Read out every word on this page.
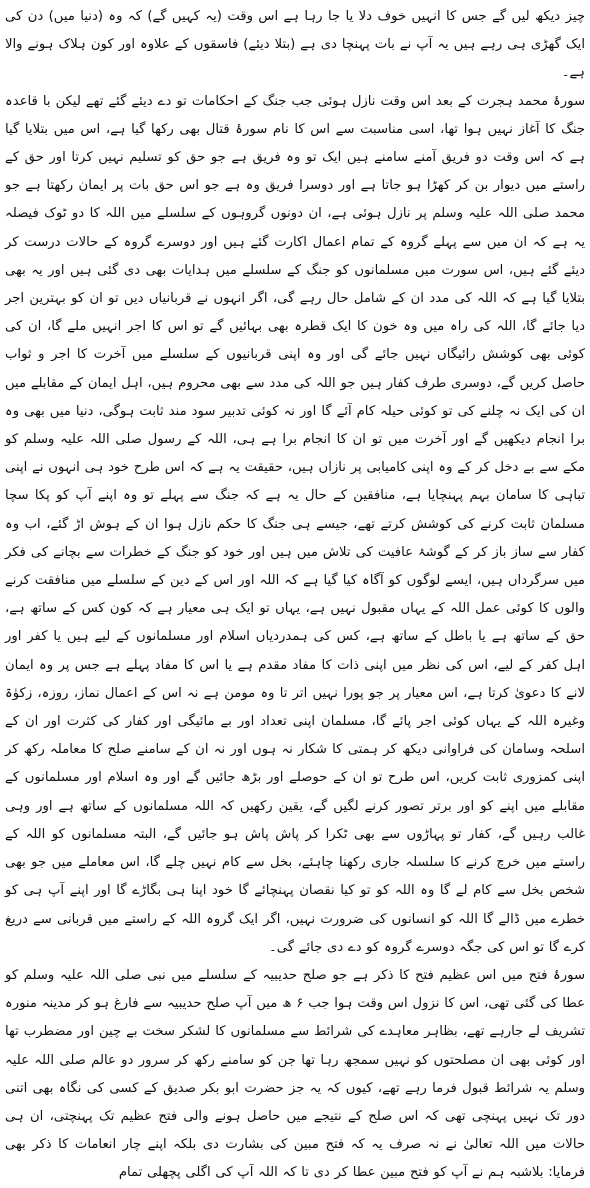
چیز دیکھ لیں گے جس کا انہیں خوف دلا یا جا رہا ہے اس وقت (یہ کہیں گے) کہ وہ (دنیا میں) دن کی ایک گھڑی ہی رہے ہیں یہ آپ نے بات پہنچا دی ہے (بتلا دیئے) فاسقوں کے علاوہ اور کون ہلاک ہونے والا ہے۔

سورۂ محمد ہجرت کے بعد اس وقت نازل ہوئی جب جنگ کے احکامات تو دے دیئے گئے تھے لیکن با قاعدہ جنگ کا آغاز نہیں ہوا تھا، اسی مناسبت سے اس کا نام سورۂ قتال بھی رکھا گیا ہے، اس میں بتلایا گیا ہے کہ اس وقت دو فریق آمنے سامنے ہیں ایک تو وہ فریق ہے جو حق کو تسلیم نہیں کرتا اور حق کے راستے میں دیوار بن کر کھڑا ہو جاتا ہے اور دوسرا فریق وہ ہے جو اس حق بات پر ایمان رکھتا ہے جو محمد صلی اللہ علیہ وسلم پر نازل ہوئی ہے، ان دونوں گروہوں کے سلسلے میں اللہ کا دو ٹوک فیصلہ یہ ہے کہ ان میں سے پہلے گروہ کے تمام اعمال اکارت گئے ہیں اور دوسرے گروہ کے حالات درست کر دیئے گئے ہیں، اس سورت میں مسلمانوں کو جنگ کے سلسلے میں ہدایات بھی دی گئی ہیں اور یہ بھی بتلایا گیا ہے کہ اللہ کی مدد ان کے شامل حال رہے گی، اگر انہوں نے قربانیاں دیں تو ان کو بہترین اجر دیا جائے گا، اللہ کی راہ میں وہ خون کا ایک قطرہ بھی بہائیں گے تو اس کا اجر انہیں ملے گا، ان کی کوئی بھی کوشش رائیگاں نہیں جائے گی اور وہ اپنی قربانیوں کے سلسلے میں آخرت کا اجر و ثواب حاصل کریں گے، دوسری طرف کفار ہیں جو اللہ کی مدد سے بھی محروم ہیں، اہل ایمان کے مقابلے میں ان کی ایک نہ چلنے کی تو کوئی حیلہ کام آئے گا اور نہ کوئی تدبیر سود مند ثابت ہوگی، دنیا میں بھی وہ برا انجام دیکھیں گے اور آخرت میں تو ان کا انجام برا ہے ہی، اللہ کے رسول صلی اللہ علیہ وسلم کو مکے سے بے دخل کر کے وہ اپنی کامیابی پر نازاں ہیں، حقیقت یہ ہے کہ اس طرح خود ہی انہوں نے اپنی تباہی کا سامان بہم پہنچایا ہے، منافقین کے حال یہ ہے کہ جنگ سے پہلے تو وہ اپنے آپ کو پکا سچا مسلمان ثابت کرنے کی کوشش کرتے تھے، جیسے ہی جنگ کا حکم نازل ہوا ان کے ہوش اڑ گئے، اب وہ کفار سے ساز باز کر کے گوشۂ عافیت کی تلاش میں ہیں اور خود کو جنگ کے خطرات سے بچانے کی فکر میں سرگرداں ہیں، ایسے لوگوں کو آگاہ کیا گیا ہے کہ اللہ اور اس کے دین کے سلسلے میں منافقت کرنے والوں کا کوئی عمل اللہ کے یہاں مقبول نہیں ہے، یہاں تو ایک ہی معیار ہے کہ کون کس کے ساتھ ہے، حق کے ساتھ ہے یا باطل کے ساتھ ہے، کس کی ہمدردیاں اسلام اور مسلمانوں کے لیے ہیں یا کفر اور اہل کفر کے لیے، اس کی نظر میں اپنی ذات کا مفاد مقدم ہے یا اس کا مفاد پہلے ہے جس پر وہ ایمان لانے کا دعویٰ کرتا ہے، اس معیار پر جو پورا نہیں اتر تا وہ مومن ہے نہ اس کے اعمال نماز، روزہ، زکوٰۃ وغیرہ اللہ کے یہاں کوئی اجر پائے گا، مسلمان اپنی تعداد اور بے مائیگی اور کفار کی کثرت اور ان کے اسلحہ وسامان کی فراوانی دیکھ کر ہمتی کا شکار نہ ہوں اور نہ ان کے سامنے صلح کا معاملہ رکھ کر اپنی کمزوری ثابت کریں، اس طرح تو ان کے حوصلے اور بڑھ جائیں گے اور وہ اسلام اور مسلمانوں کے مقابلے میں اپنے کو اور برتر تصور کرنے لگیں گے، یقین رکھیں کہ اللہ مسلمانوں کے ساتھ ہے اور وہی غالب رہیں گے، کفار تو پہاڑوں سے بھی ٹکرا کر پاش پاش ہو جائیں گے، البتہ مسلمانوں کو اللہ کے راستے میں خرچ کرنے کا سلسلہ جاری رکھنا چاہئے، بخل سے کام نہیں چلے گا، اس معاملے میں جو بھی شخص بخل سے کام لے گا وہ اللہ کو تو کیا نقصان پہنچائے گا خود اپنا ہی بگاڑے گا اور اپنے آپ ہی کو خطرے میں ڈالے گا اللہ کو انسانوں کی ضرورت نہیں، اگر ایک گروہ اللہ کے راستے میں قربانی سے دریغ کرے گا تو اس کی جگہ دوسرے گروہ کو دے دی جائے گی۔

سورۂ فتح میں اس عظیم فتح کا ذکر ہے جو صلح حدیبیہ کے سلسلے میں نبی صلی اللہ علیہ وسلم کو عطا کی گئی تھی، اس کا نزول اس وقت ہوا جب ۶ ھ میں آپ صلح حدیبیہ سے فارغ ہو کر مدینہ منورہ تشریف لے جارہے تھے، بظاہر معاہدے کی شرائط سے مسلمانوں کا لشکر سخت بے چین اور مضطرب تھا اور کوئی بھی ان مصلحتوں کو نہیں سمجھ رہا تھا جن کو سامنے رکھ کر سرور دو عالم صلی اللہ علیہ وسلم یہ شرائط قبول فرما رہے تھے، کیوں کہ یہ جز حضرت ابو بکر صدیق کے کسی کی نگاہ بھی اتنی دور تک نہیں پہنچی تھی کہ اس صلح کے نتیجے میں حاصل ہونے والی فتح عظیم تک پہنچتی، ان ہی حالات میں اللہ تعالیٰ نے نہ صرف یہ کہ فتح مبین کی بشارت دی بلکہ اپنے چار انعامات کا ذکر بھی فرمایا: بلاشبہ ہم نے آپ کو فتح مبین عطا کر دی تا کہ اللہ آپ کی اگلی پچھلی تمام
